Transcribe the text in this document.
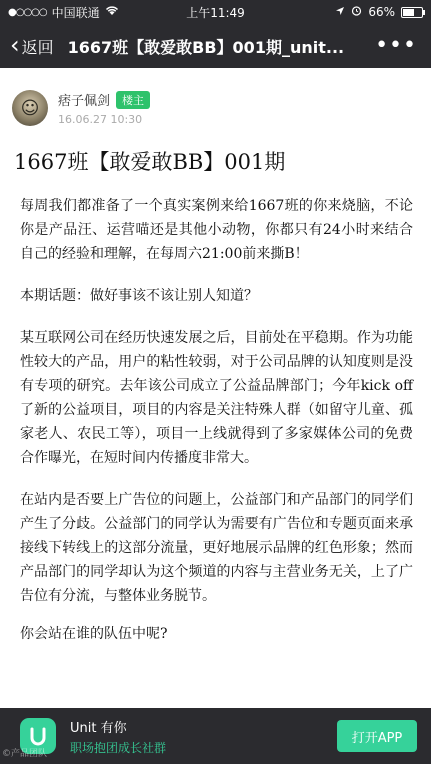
●○○○○ 中国联通	上午11:49	66%
‹ 返回 1667班【敢爱敢BB】001期_unit...	•••
☺	痞子佩剑	楼主
16.06.27 10:30
1667班【敢爱敢BB】001期

每周我们都准备了一个真实案例来给1667班的你来烧脑，不论你是产品汪、运营喵还是其他小动物，你都只有24小时来结合自己的经验和理解，在每周六21:00前来撕B！

本期话题：做好事该不该让别人知道？

某互联网公司在经历快速发展之后，目前处在平稳期。作为功能性较大的产品，用户的粘性较弱，对于公司品牌的认知度则是没有专项的研究。去年该公司成立了公益品牌部门；今年kick off了新的公益项目，项目的内容是关注特殊人群（如留守儿童、孤家老人、农民工等），项目一上线就得到了多家媒体公司的免费合作曝光，在短时间内传播度非常大。

在站内是否要上广告位的问题上，公益部门和产品部门的同学们产生了分歧。公益部门的同学认为需要有广告位和专题页面来承接线下转线上的这部分流量，更好地展示品牌的红色形象；然而产品部门的同学却认为这个频道的内容与主营业务无关，上了广告位有分流，与整体业务脱节。

你会站在谁的队伍中呢?

Unit 有你
职场抱团成长社群
打开APP
©产品团队
